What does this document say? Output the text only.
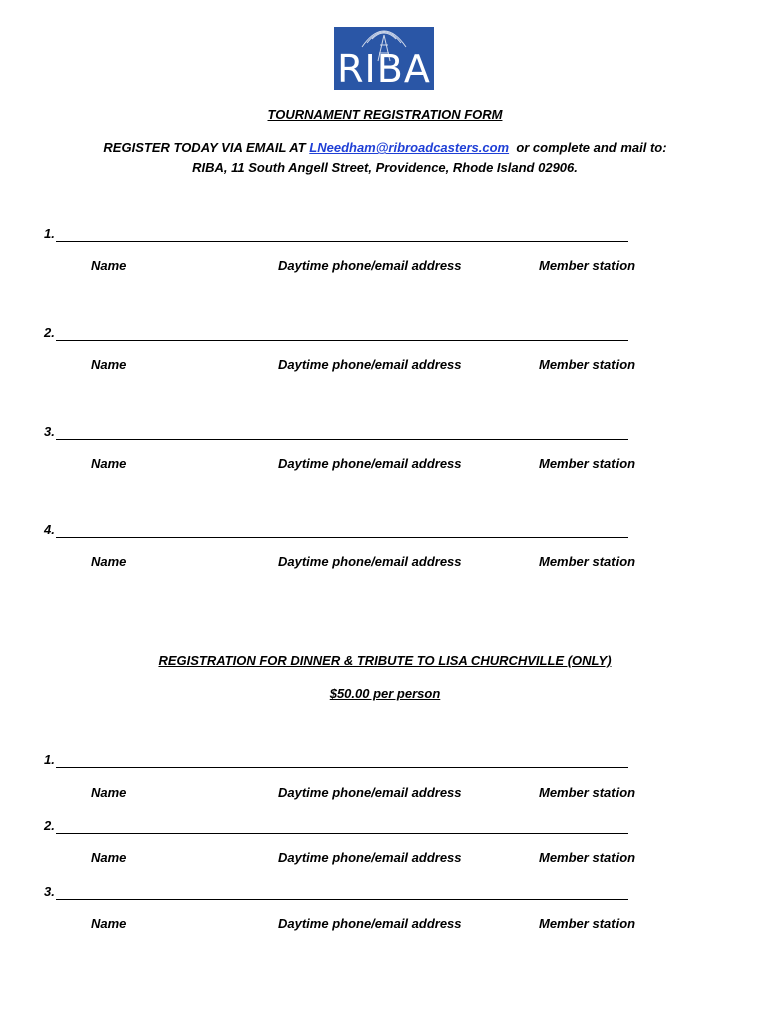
RIBA
TOURNAMENT REGISTRATION FORM
REGISTER TODAY VIA EMAIL AT LNeedham@ribroadcasters.com  or complete and mail to:
RIBA, 11 South Angell Street, Providence, Rhode Island 02906.
1.
Name	Daytime phone/email address	Member station
2.
Name	Daytime phone/email address	Member station
3.
Name	Daytime phone/email address	Member station
4.
Name	Daytime phone/email address	Member station
REGISTRATION FOR DINNER & TRIBUTE TO LISA CHURCHVILLE (ONLY)
$50.00 per person
1.
Name	Daytime phone/email address	Member station
2.
Name	Daytime phone/email address	Member station
3.
Name	Daytime phone/email address	Member station
